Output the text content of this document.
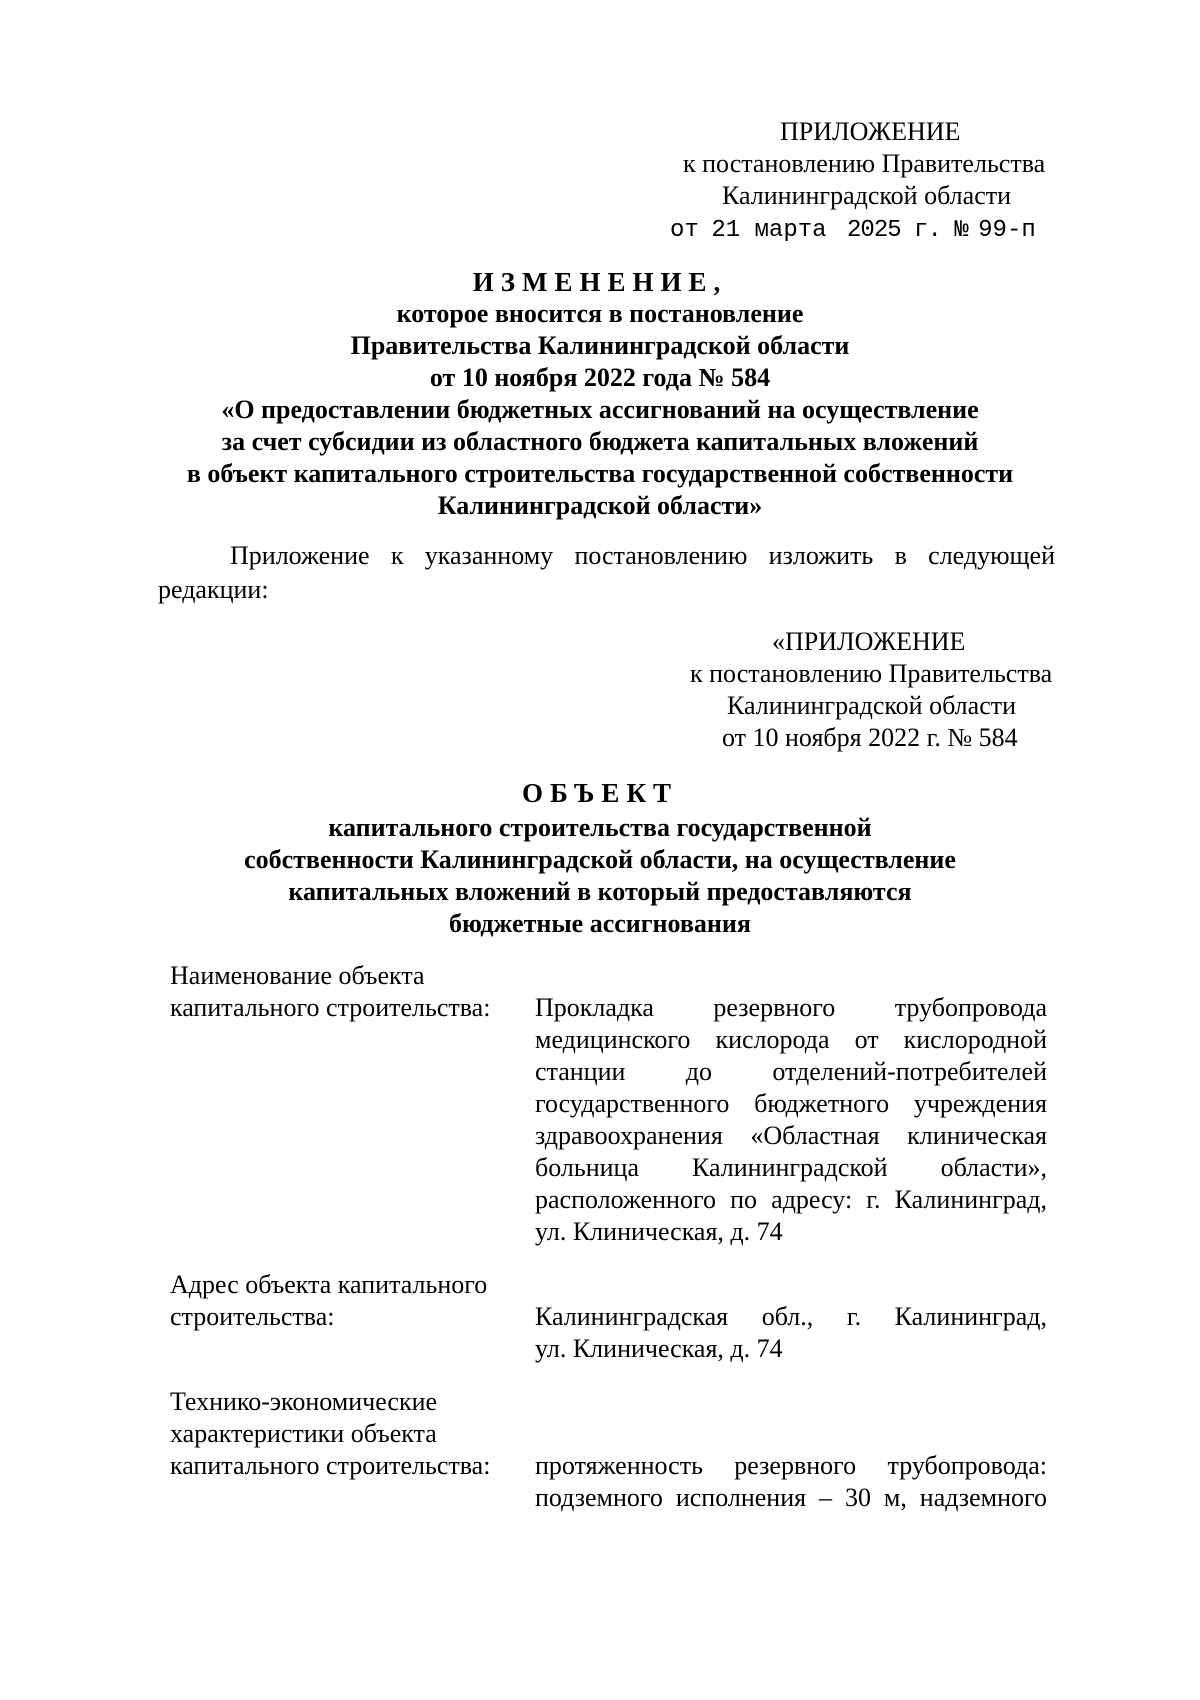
ПРИЛОЖЕНИЕ
к постановлению Правительства
Калининградской области
от 21 марта 2025 г. № 99-п
ИЗМЕНЕНИЕ,
которое вносится в постановление
Правительства Калининградской области
от 10 ноября 2022 года № 584
«О предоставлении бюджетных ассигнований на осуществление
за счет субсидии из областного бюджета капитальных вложений
в объект капитального строительства государственной собственности
Калининградской области»
Приложение к указанному постановлению изложить в следующей
редакции:
«ПРИЛОЖЕНИЕ
к постановлению Правительства
Калининградской области
от 10 ноября 2022 г. № 584
ОБЪЕКТ
капитального строительства государственной
собственности Калининградской области, на осуществление
капитальных вложений в который предоставляются
бюджетные ассигнования
Наименование объекта
капитального строительства: Прокладка резервного трубопровода
медицинского кислорода от кислородной
станции до отделений-потребителей
государственного бюджетного учреждения
здравоохранения «Областная клиническая
больница Калининградской области»,
расположенного по адресу: г. Калининград,
ул. Клиническая, д. 74
Адрес объекта капитального
строительства:	Калининградская обл., г. Калининград,
ул. Клиническая, д. 74
Технико-экономические
характеристики объекта
капитального строительства: протяженность резервного трубопровода:
подземного исполнения – 30 м, надземного
